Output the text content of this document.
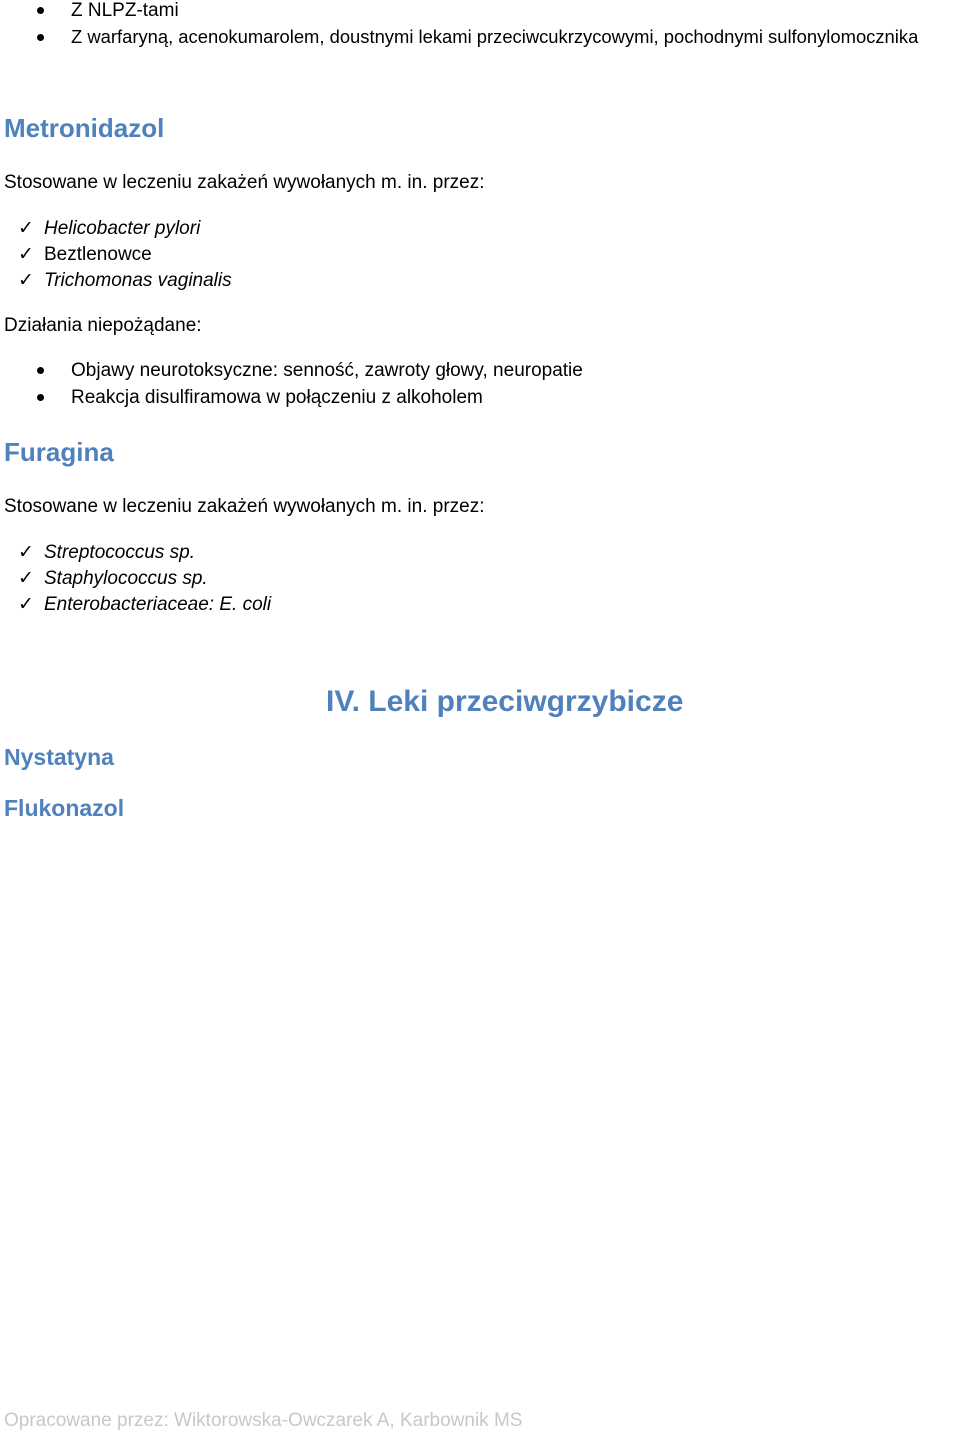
Z NLPZ-tami
Z warfaryną, acenokumarolem, doustnymi lekami przeciwcukrzycowymi, pochodnymi sulfonylomocznika
Metronidazol
Stosowane w leczeniu zakażeń wywołanych m. in. przez:
✓ Helicobacter pylori
✓ Beztlenowce
✓ Trichomonas vaginalis
Działania niepożądane:
Objawy neurotoksyczne: senność, zawroty głowy, neuropatie
Reakcja disulfiramowa w połączeniu z alkoholem
Furagina
Stosowane w leczeniu zakażeń wywołanych m. in. przez:
✓ Streptococcus sp.
✓ Staphylococcus sp.
✓ Enterobacteriaceae: E. coli
IV. Leki przeciwgrzybicze
Nystatyna
Flukonazol
Opracowane przez: Wiktorowska-Owczarek A, Karbownik MS
